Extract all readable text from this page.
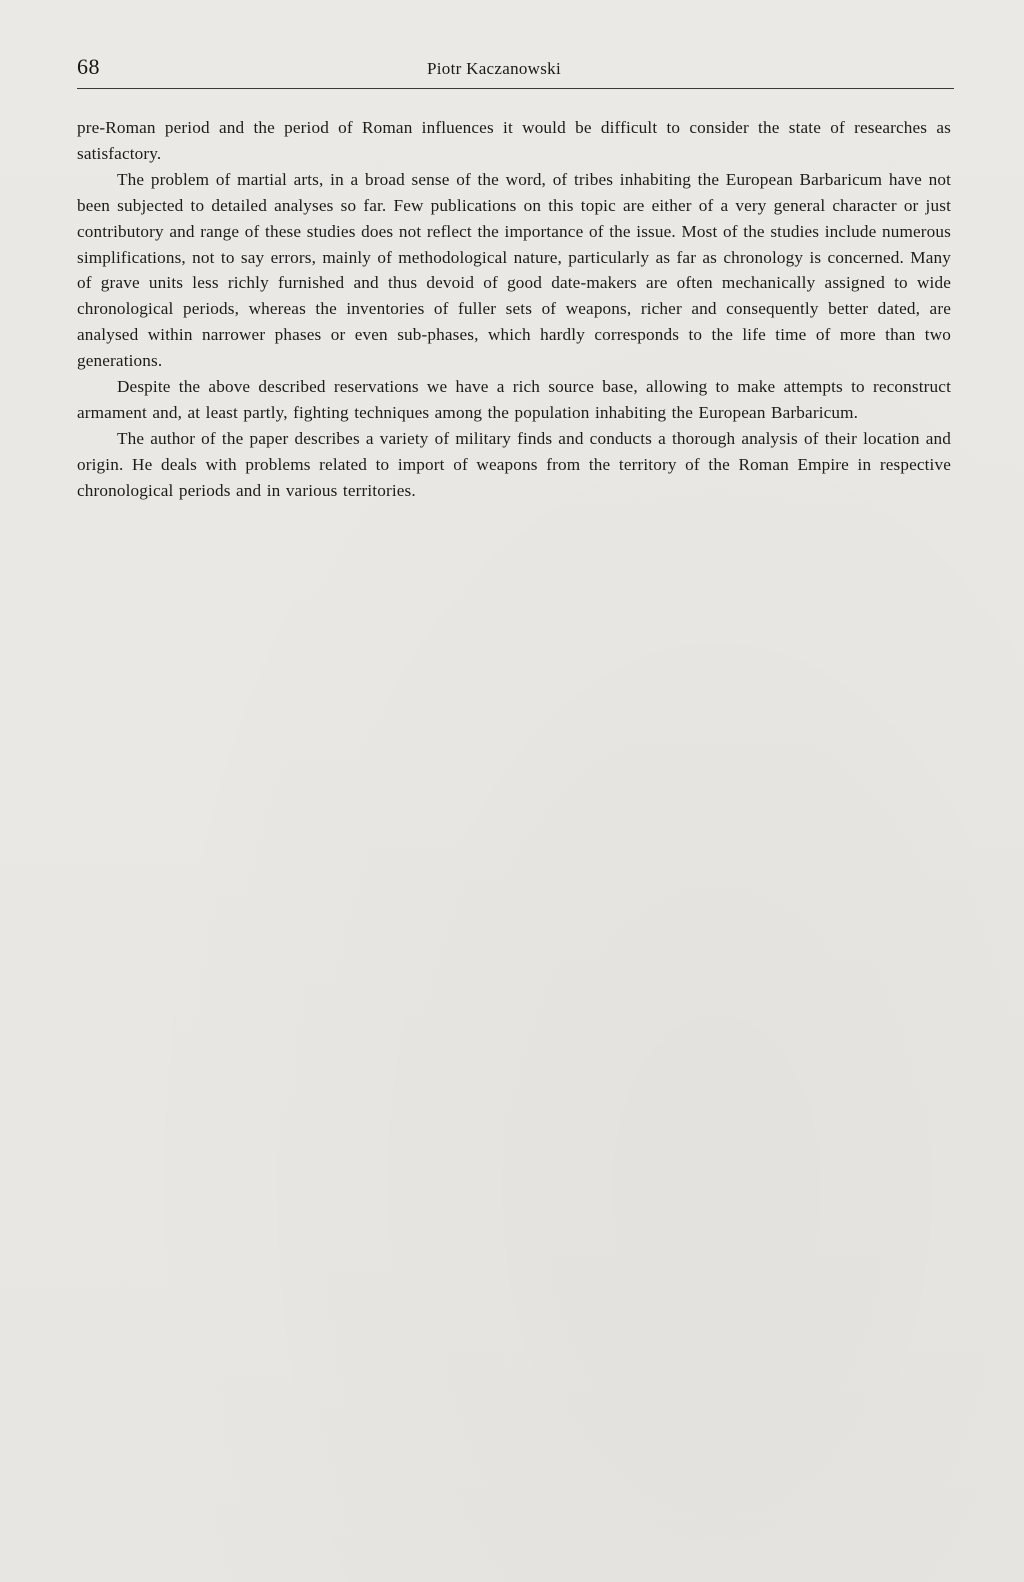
68	Piotr Kaczanowski

pre-Roman period and the period of Roman influences it would be difficult to consider the state of researches as satisfactory.

The problem of martial arts, in a broad sense of the word, of tribes inhabiting the European Barbaricum have not been subjected to detailed analyses so far. Few publications on this topic are either of a very general character or just contributory and range of these studies does not reflect the importance of the issue. Most of the studies include numerous simplifications, not to say errors, mainly of methodological nature, particularly as far as chronology is concerned. Many of grave units less richly furnished and thus devoid of good date-makers are often mechanically assigned to wide chronological periods, whereas the inventories of fuller sets of weapons, richer and consequently better dated, are analysed within narrower phases or even sub-phases, which hardly corresponds to the life time of more than two generations.

Despite the above described reservations we have a rich source base, allowing to make attempts to reconstruct armament and, at least partly, fighting techniques among the population inhabiting the European Barbaricum.

The author of the paper describes a variety of military finds and conducts a thorough analysis of their location and origin. He deals with problems related to import of weapons from the territory of the Roman Empire in respective chronological periods and in various territories.
